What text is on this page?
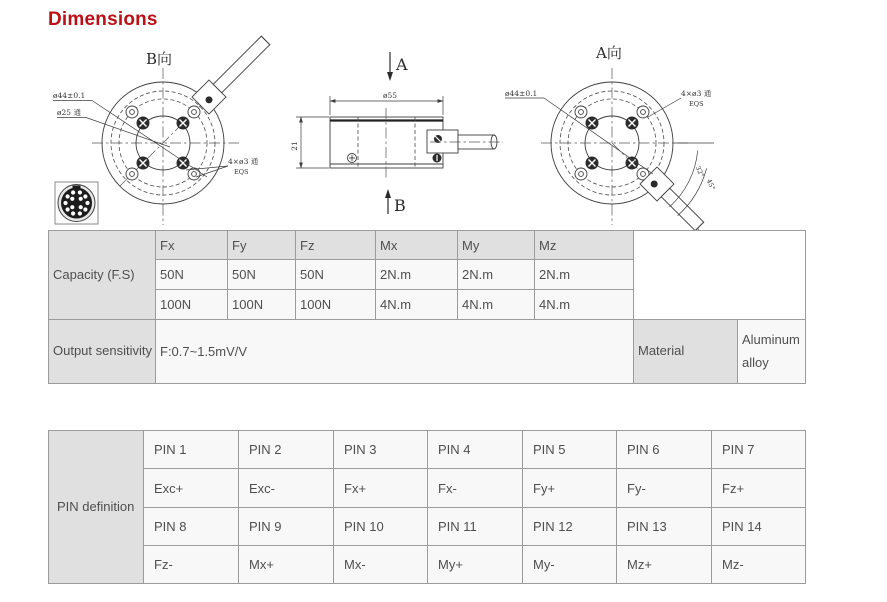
Dimensions
B向
ø44±0.1
ø25 通
4×ø3 通
EQS
A
B
ø55
21
A向
ø44±0.1	4×ø3 通
EQS
32°
45°
Capacity (F.S)	Fx	Fy	Fz	Mx	My	Mz		
	50N	50N	50N	2N.m	2N.m	2N.m		
	100N	100N	100N	4N.m	4N.m	4N.m		
Output sensitivity	F:0.7~1.5mV/V						Material	Aluminum alloy
PIN definition	PIN 1	PIN 2	PIN 3	PIN 4	PIN 5	PIN 6	PIN 7
	Exc+	Exc-	Fx+	Fx-	Fy+	Fy-	Fz+
	PIN 8	PIN 9	PIN 10	PIN 11	PIN 12	PIN 13	PIN 14
	Fz-	Mx+	Mx-	My+	My-	Mz+	Mz-
